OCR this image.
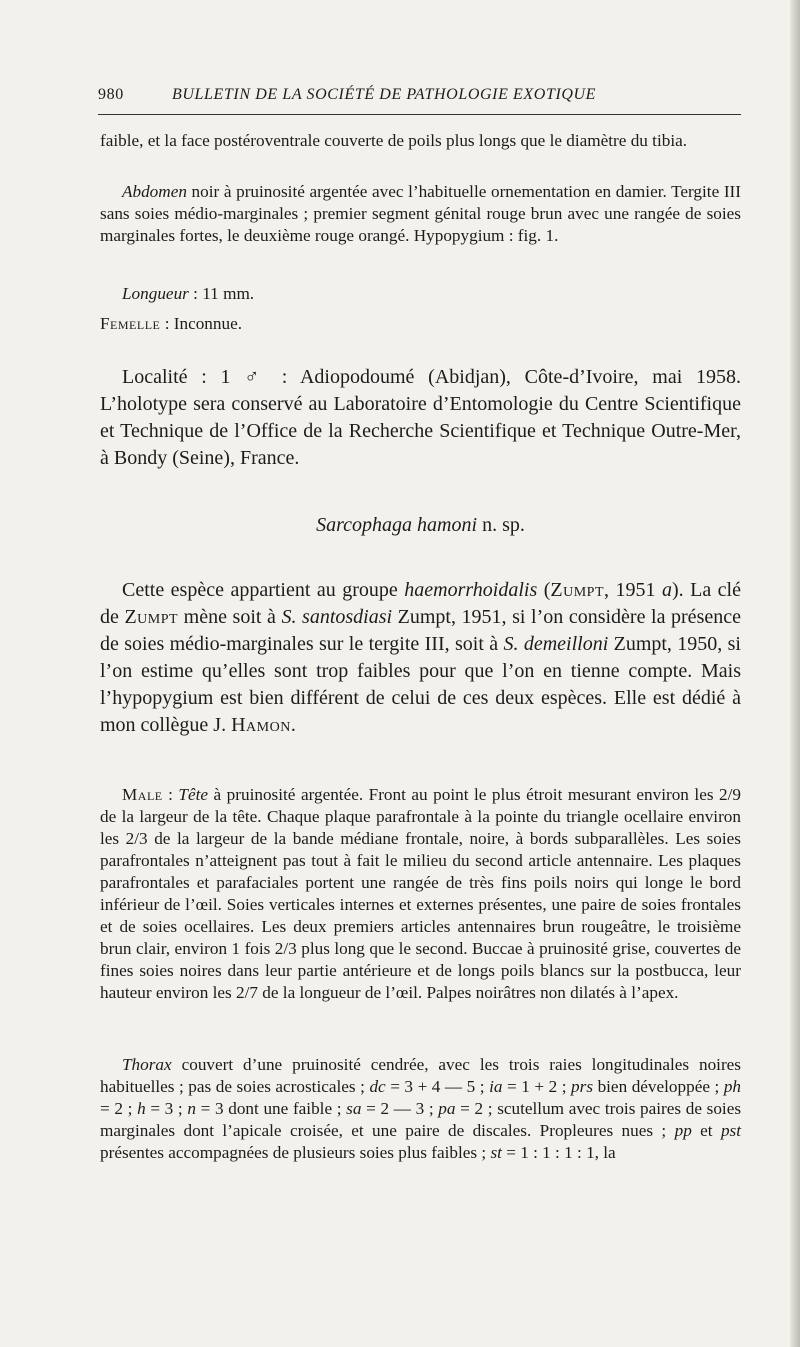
980	BULLETIN DE LA SOCIÉTÉ DE PATHOLOGIE EXOTIQUE

faible, et la face postéroventrale couverte de poils plus longs que le diamètre du tibia.

Abdomen noir à pruinosité argentée avec l’habituelle ornementation en damier. Tergite III sans soies médio-marginales ; premier segment génital rouge brun avec une rangée de soies marginales fortes, le deuxième rouge orangé. Hypopygium : fig. 1.

Longueur : 11 mm.

Femelle : Inconnue.

Localité : 1 ♂ : Adiopodoumé (Abidjan), Côte-d’Ivoire, mai 1958. L’holotype sera conservé au Laboratoire d’Entomologie du Centre Scientifique et Technique de l’Office de la Recherche Scientifique et Technique Outre-Mer, à Bondy (Seine), France.

Sarcophaga hamoni n. sp.

Cette espèce appartient au groupe haemorrhoidalis (Zumpt, 1951 a). La clé de Zumpt mène soit à S. santosdiasi Zumpt, 1951, si l’on considère la présence de soies médio-marginales sur le tergite III, soit à S. demeilloni Zumpt, 1950, si l’on estime qu’elles sont trop faibles pour que l’on en tienne compte. Mais l’hypopygium est bien différent de celui de ces deux espèces. Elle est dédié à mon collègue J. Hamon.

Male : Tête à pruinosité argentée. Front au point le plus étroit mesurant environ les 2/9 de la largeur de la tête. Chaque plaque parafrontale à la pointe du triangle ocellaire environ les 2/3 de la largeur de la bande médiane frontale, noire, à bords subparallèles. Les soies parafrontales n’atteignent pas tout à fait le milieu du second article antennaire. Les plaques parafrontales et parafaciales portent une rangée de très fins poils noirs qui longe le bord inférieur de l’œil. Soies verticales internes et externes présentes, une paire de soies frontales et de soies ocellaires. Les deux premiers articles antennaires brun rougeâtre, le troisième brun clair, environ 1 fois 2/3 plus long que le second. Buccae à pruinosité grise, couvertes de fines soies noires dans leur partie antérieure et de longs poils blancs sur la postbucca, leur hauteur environ les 2/7 de la longueur de l’œil. Palpes noirâtres non dilatés à l’apex.

Thorax couvert d’une pruinosité cendrée, avec les trois raies longitudinales noires habituelles ; pas de soies acrosticales ; dc = 3 + 4 — 5 ; ia = 1 + 2 ; prs bien développée ; ph = 2 ; h = 3 ; n = 3 dont une faible ; sa = 2 — 3 ; pa = 2 ; scutellum avec trois paires de soies marginales dont l’apicale croisée, et une paire de discales. Propleures nues ; pp et pst présentes accompagnées de plusieurs soies plus faibles ; st = 1 : 1 : 1 : 1, la
